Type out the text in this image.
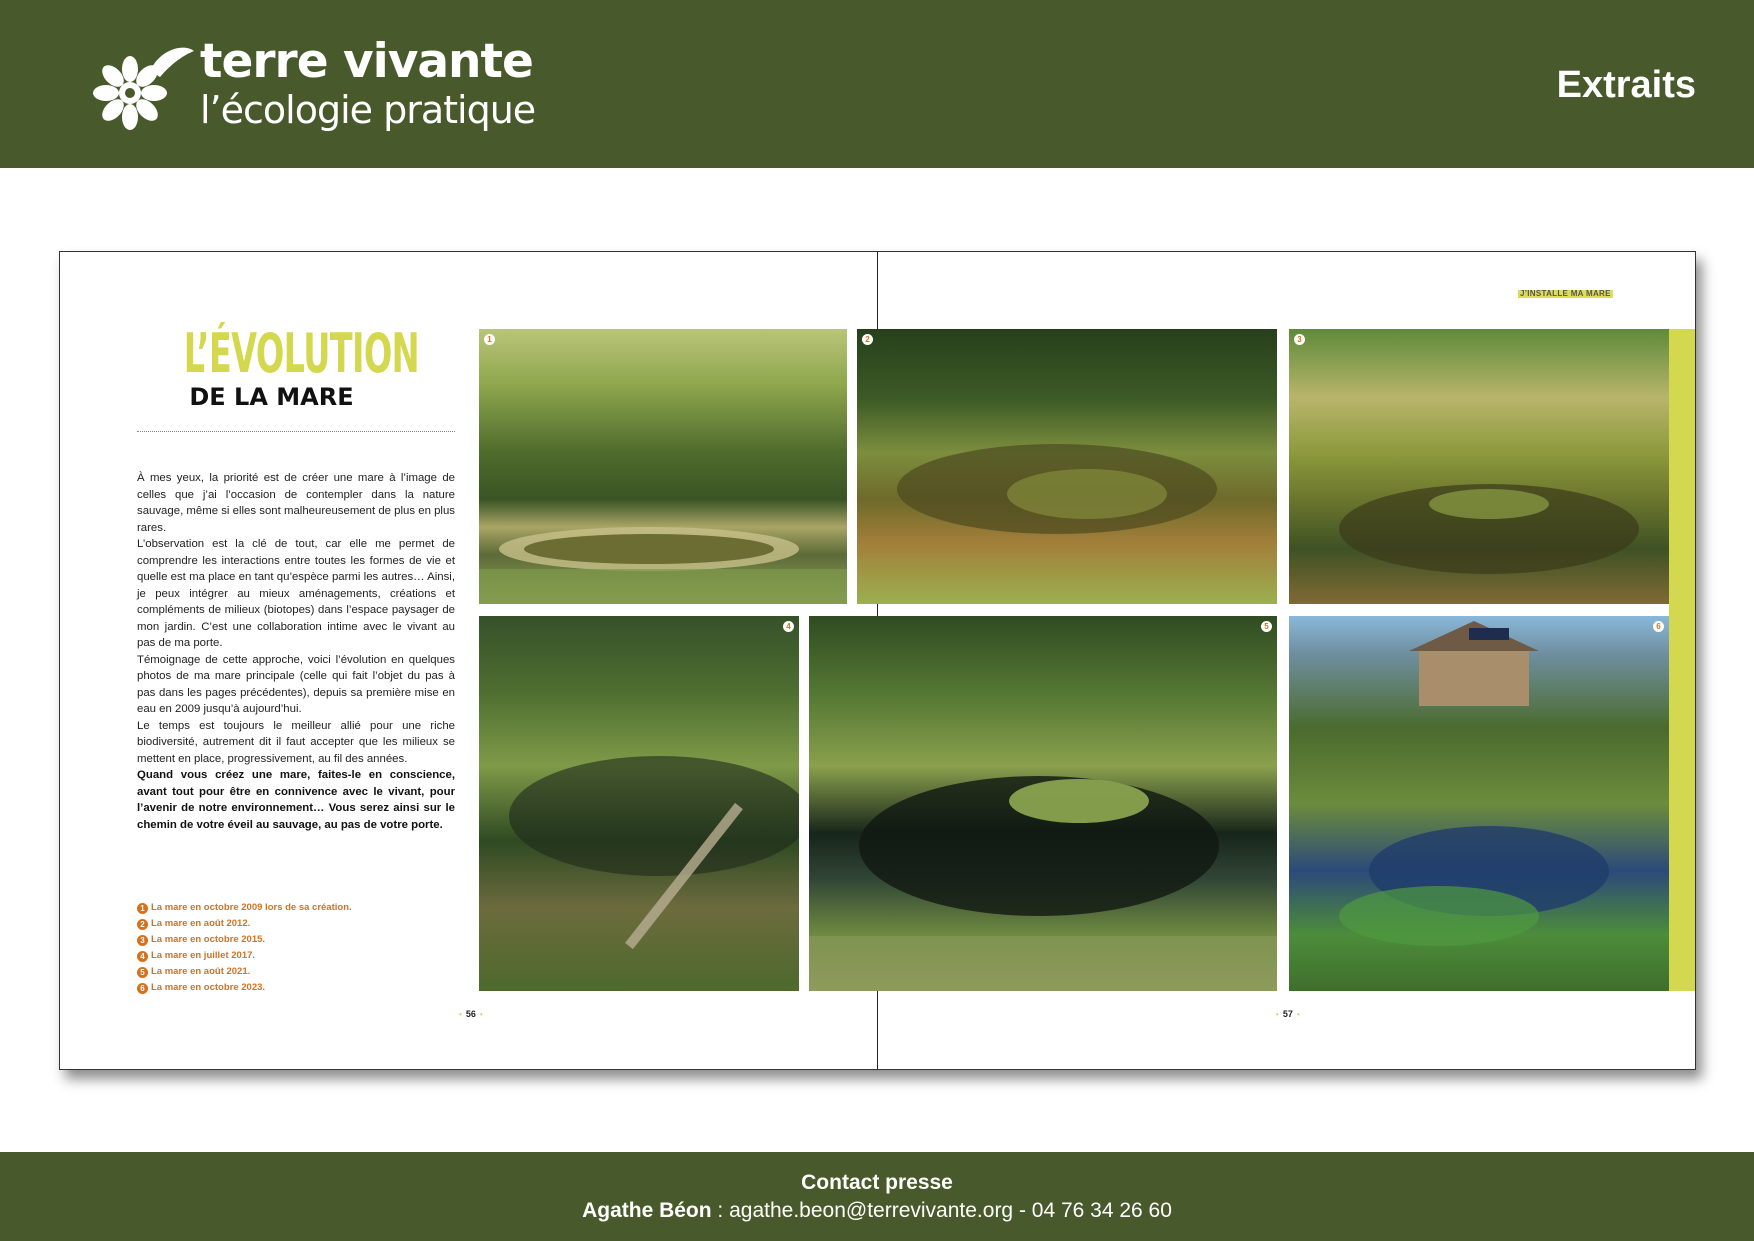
terre vivante
l’écologie pratique
Extraits
J’INSTALLE MA MARE
L’ÉVOLUTION
DE LA MARE

À mes yeux, la priorité est de créer une mare à l’image de celles que j’ai l’occasion de contempler dans la nature sauvage, même si elles sont malheureusement de plus en plus rares.

L’observation est la clé de tout, car elle me permet de comprendre les interactions entre toutes les formes de vie et quelle est ma place en tant qu’espèce parmi les autres… Ainsi, je peux intégrer au mieux aménagements, créations et compléments de milieux (biotopes) dans l’espace paysager de mon jardin. C’est une collaboration intime avec le vivant au pas de ma porte.

Témoignage de cette approche, voici l’évolution en quelques photos de ma mare principale (celle qui fait l’objet du pas à pas dans les pages précédentes), depuis sa première mise en eau en 2009 jusqu’à aujourd’hui.

Le temps est toujours le meilleur allié pour une riche biodiversité, autrement dit il faut accepter que les milieux se mettent en place, progressivement, au fil des années.

Quand vous créez une mare, faites-le en conscience, avant tout pour être en connivence avec le vivant, pour l’avenir de notre environnement… Vous serez ainsi sur le chemin de votre éveil au sauvage, au pas de votre porte.

1 La mare en octobre 2009 lors de sa création.
2 La mare en août 2012.
3 La mare en octobre 2015.
4 La mare en juillet 2017.
5 La mare en août 2021.
6 La mare en octobre 2023.
1	2	3
4	5	6
• 56 •	• 57 •
Contact presse
Agathe Béon : agathe.beon@terrevivante.org - 04 76 34 26 60
